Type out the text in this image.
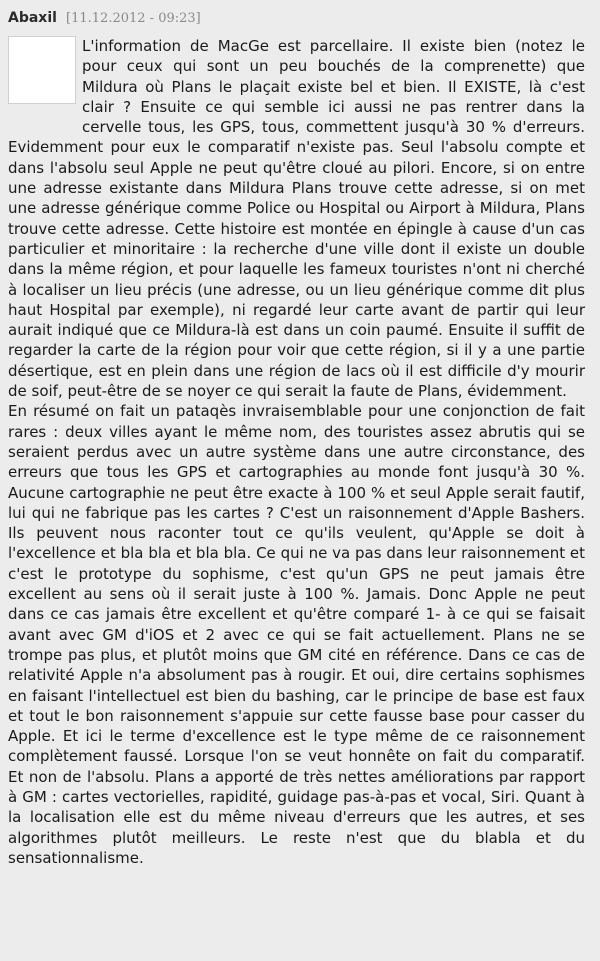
Abaxil [11.12.2012 - 09:23]

L'information de MacGe est parcellaire. Il existe bien (notez le pour ceux qui sont un peu bouchés de la comprenette) que Mildura où Plans le plaçait existe bel et bien. Il EXISTE, là c'est clair ? Ensuite ce qui semble ici aussi ne pas rentrer dans la cervelle tous, les GPS, tous, commettent jusqu'à 30 % d'erreurs. Evidemment pour eux le comparatif n'existe pas. Seul l'absolu compte et dans l'absolu seul Apple ne peut qu'être cloué au pilori. Encore, si on entre une adresse existante dans Mildura Plans trouve cette adresse, si on met une adresse générique comme Police ou Hospital ou Airport à Mildura, Plans trouve cette adresse. Cette histoire est montée en épingle à cause d'un cas particulier et minoritaire : la recherche d'une ville dont il existe un double dans la même région, et pour laquelle les fameux touristes n'ont ni cherché à localiser un lieu précis (une adresse, ou un lieu générique comme dit plus haut Hospital par exemple), ni regardé leur carte avant de partir qui leur aurait indiqué que ce Mildura-là est dans un coin paumé. Ensuite il suffit de regarder la carte de la région pour voir que cette région, si il y a une partie désertique, est en plein dans une région de lacs où il est difficile d'y mourir de soif, peut-être de se noyer ce qui serait la faute de Plans, évidemment.

En résumé on fait un pataqès invraisemblable pour une conjonction de fait rares : deux villes ayant le même nom, des touristes assez abrutis qui se seraient perdus avec un autre système dans une autre circonstance, des erreurs que tous les GPS et cartographies au monde font jusqu'à 30 %. Aucune cartographie ne peut être exacte à 100 % et seul Apple serait fautif, lui qui ne fabrique pas les cartes ? C'est un raisonnement d'Apple Bashers. Ils peuvent nous raconter tout ce qu'ils veulent, qu'Apple se doit à l'excellence et bla bla et bla bla. Ce qui ne va pas dans leur raisonnement et c'est le prototype du sophisme, c'est qu'un GPS ne peut jamais être excellent au sens où il serait juste à 100 %. Jamais. Donc Apple ne peut dans ce cas jamais être excellent et qu'être comparé 1- à ce qui se faisait avant avec GM d'iOS et 2 avec ce qui se fait actuellement. Plans ne se trompe pas plus, et plutôt moins que GM cité en référence. Dans ce cas de relativité Apple n'a absolument pas à rougir. Et oui, dire certains sophismes en faisant l'intellectuel est bien du bashing, car le principe de base est faux et tout le bon raisonnement s'appuie sur cette fausse base pour casser du Apple. Et ici le terme d'excellence est le type même de ce raisonnement complètement faussé. Lorsque l'on se veut honnête on fait du comparatif. Et non de l'absolu. Plans a apporté de très nettes améliorations par rapport à GM : cartes vectorielles, rapidité, guidage pas-à-pas et vocal, Siri. Quant à la localisation elle est du même niveau d'erreurs que les autres, et ses algorithmes plutôt meilleurs. Le reste n'est que du blabla et du sensationnalisme.
